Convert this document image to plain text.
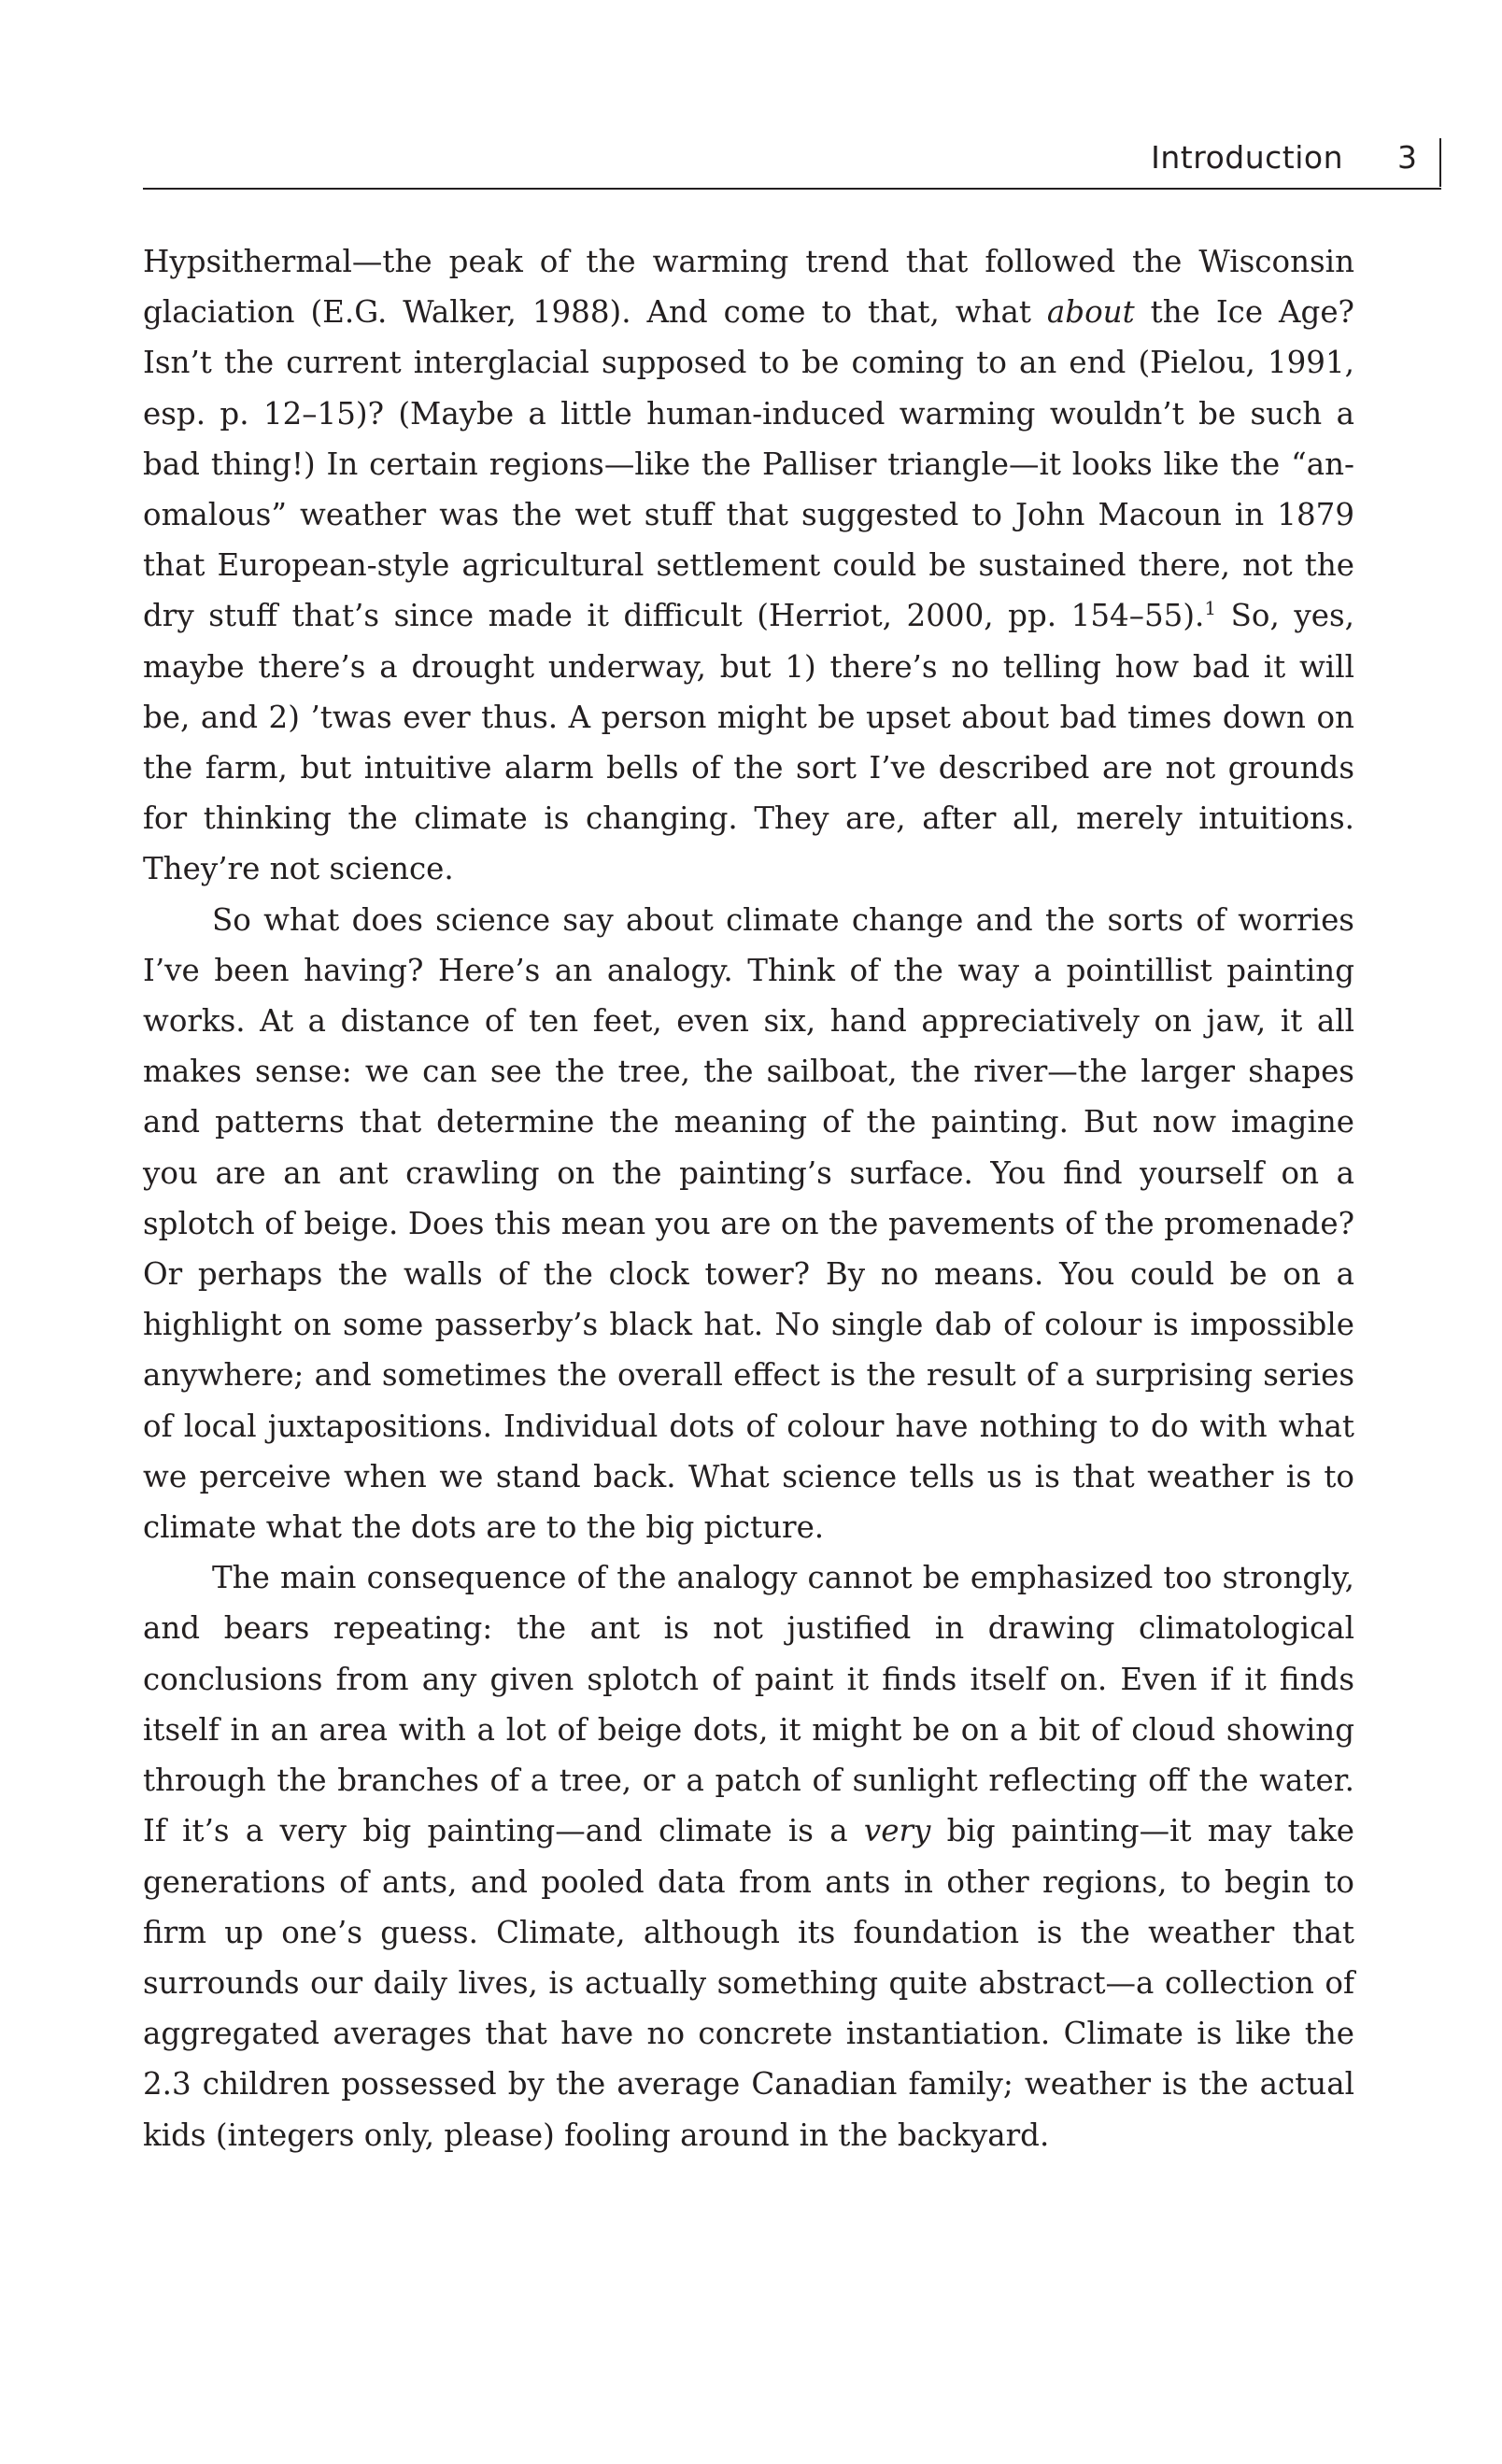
Introduction 3

Hypsithermal—the peak of the warming trend that followed the Wisconsin glaciation (E.G. Walker, 1988). And come to that, what about the Ice Age? Isn’t the current interglacial supposed to be coming to an end (Pielou, 1991, esp. p. 12–15)? (Maybe a little human-induced warming wouldn’t be such a bad thing!) In certain regions—like the Palliser triangle—it looks like the “anomalous” weather was the wet stuff that suggested to John Macoun in 1879 that European-style agricultural settlement could be sustained there, not the dry stuff that’s since made it difficult (Herriot, 2000, pp. 154–55).$^1$ So, yes, maybe there’s a drought underway, but 1) there’s no telling how bad it will be, and 2) ’twas ever thus. A person might be upset about bad times down on the farm, but intuitive alarm bells of the sort I’ve described are not grounds for thinking the climate is changing. They are, after all, merely intuitions. They’re not science.

So what does science say about climate change and the sorts of worries I’ve been having? Here’s an analogy. Think of the way a pointillist painting works. At a distance of ten feet, even six, hand appreciatively on jaw, it all makes sense: we can see the tree, the sailboat, the river—the larger shapes and patterns that determine the meaning of the painting. But now imagine you are an ant crawling on the painting’s surface. You find yourself on a splotch of beige. Does this mean you are on the pavements of the promenade? Or perhaps the walls of the clock tower? By no means. You could be on a highlight on some passerby’s black hat. No single dab of colour is impossible anywhere; and sometimes the overall effect is the result of a surprising series of local juxtapositions. Individual dots of colour have nothing to do with what we perceive when we stand back. What science tells us is that weather is to climate what the dots are to the big picture.

The main consequence of the analogy cannot be emphasized too strongly, and bears repeating: the ant is not justified in drawing climatological conclusions from any given splotch of paint it finds itself on. Even if it finds itself in an area with a lot of beige dots, it might be on a bit of cloud showing through the branches of a tree, or a patch of sunlight reflecting off the water. If it’s a very big painting—and climate is a very big painting—it may take generations of ants, and pooled data from ants in other regions, to begin to firm up one’s guess. Climate, although its foundation is the weather that surrounds our daily lives, is actually something quite abstract—a collection of aggregated averages that have no concrete instantiation. Climate is like the 2.3 children possessed by the average Canadian family; weather is the actual kids (integers only, please) fooling around in the backyard.
